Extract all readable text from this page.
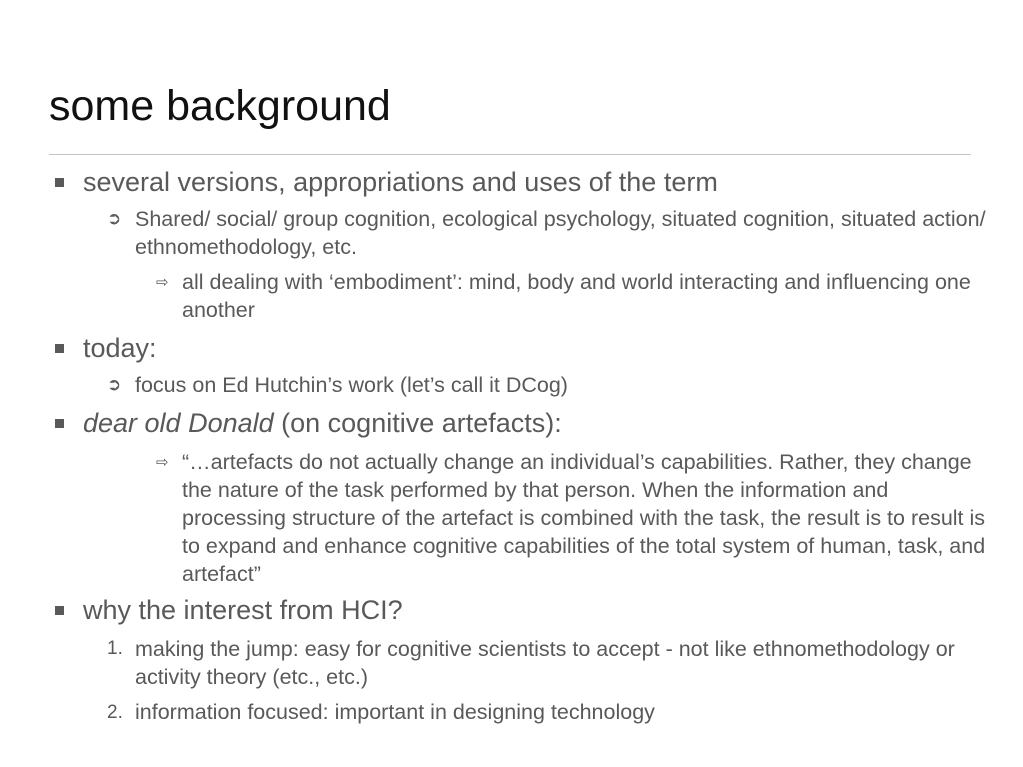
some background
several versions, appropriations and uses of the term
➲ Shared/ social/ group cognition, ecological psychology, situated cognition, situated action/ ethnomethodology, etc.
⇨ all dealing with ‘embodiment’: mind, body and world interacting and influencing one another
today:
➲ focus on Ed Hutchin’s work (let’s call it DCog)
dear old Donald (on cognitive artefacts):
⇨ “…artefacts do not actually change an individual’s capabilities. Rather, they change the nature of the task performed by that person. When the information and processing structure of the artefact is combined with the task, the result is to result is to expand and enhance cognitive capabilities of the total system of human, task, and artefact”
why the interest from HCI?
1. making the jump: easy for cognitive scientists to accept - not like ethnomethodology or activity theory (etc., etc.)
2. information focused: important in designing technology
